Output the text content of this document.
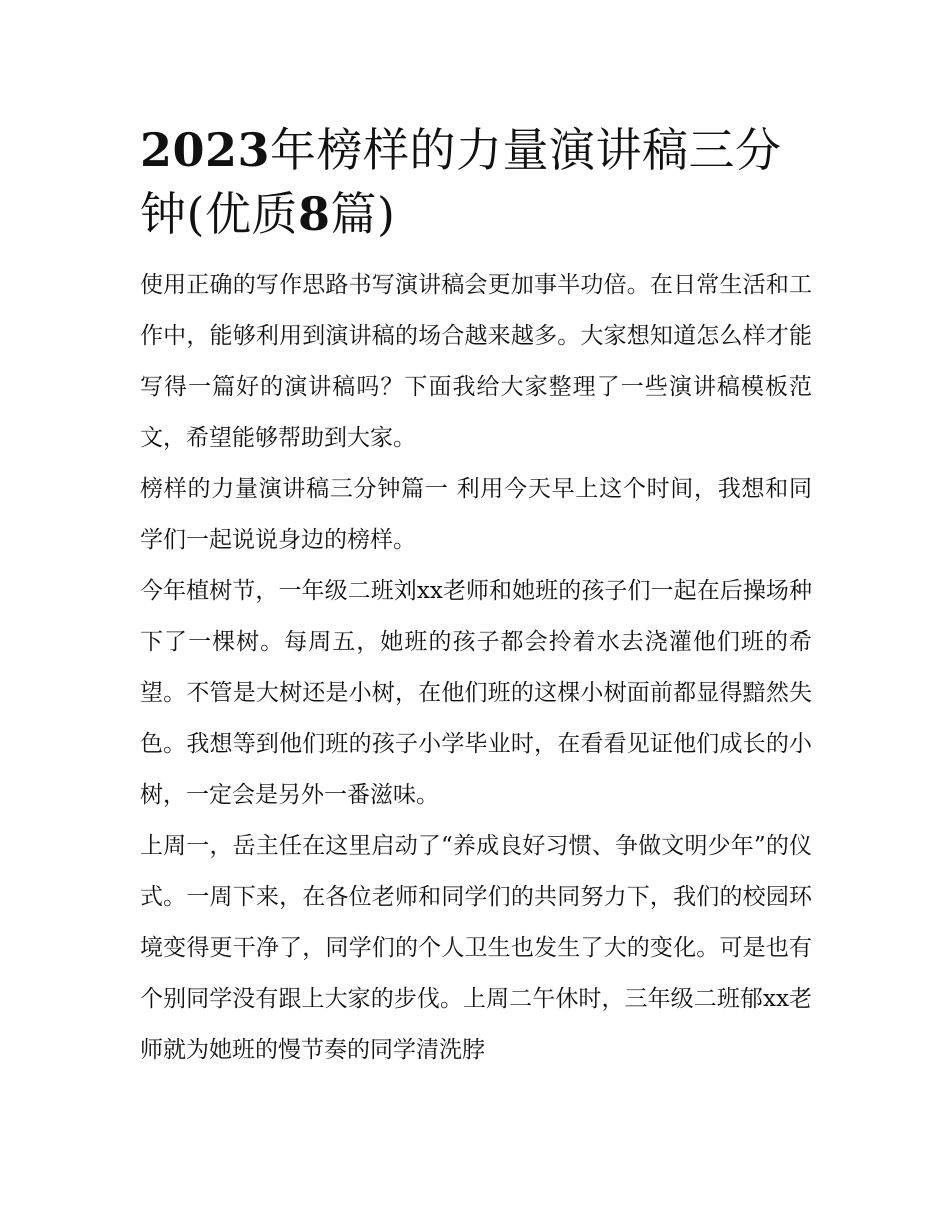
2023年榜样的力量演讲稿三分钟(优质8篇)

使用正确的写作思路书写演讲稿会更加事半功倍。在日常生活和工作中，能够利用到演讲稿的场合越来越多。大家想知道怎么样才能写得一篇好的演讲稿吗？下面我给大家整理了一些演讲稿模板范文，希望能够帮助到大家。

榜样的力量演讲稿三分钟篇一 利用今天早上这个时间，我想和同学们一起说说身边的榜样。

今年植树节，一年级二班刘xx老师和她班的孩子们一起在后操场种下了一棵树。每周五，她班的孩子都会拎着水去浇灌他们班的希望。不管是大树还是小树，在他们班的这棵小树面前都显得黯然失色。我想等到他们班的孩子小学毕业时，在看看见证他们成长的小树，一定会是另外一番滋味。

上周一，岳主任在这里启动了“养成良好习惯、争做文明少年”的仪式。一周下来，在各位老师和同学们的共同努力下，我们的校园环境变得更干净了，同学们的个人卫生也发生了大的变化。可是也有个别同学没有跟上大家的步伐。上周二午休时，三年级二班郁xx老师就为她班的慢节奏的同学清洗脖
